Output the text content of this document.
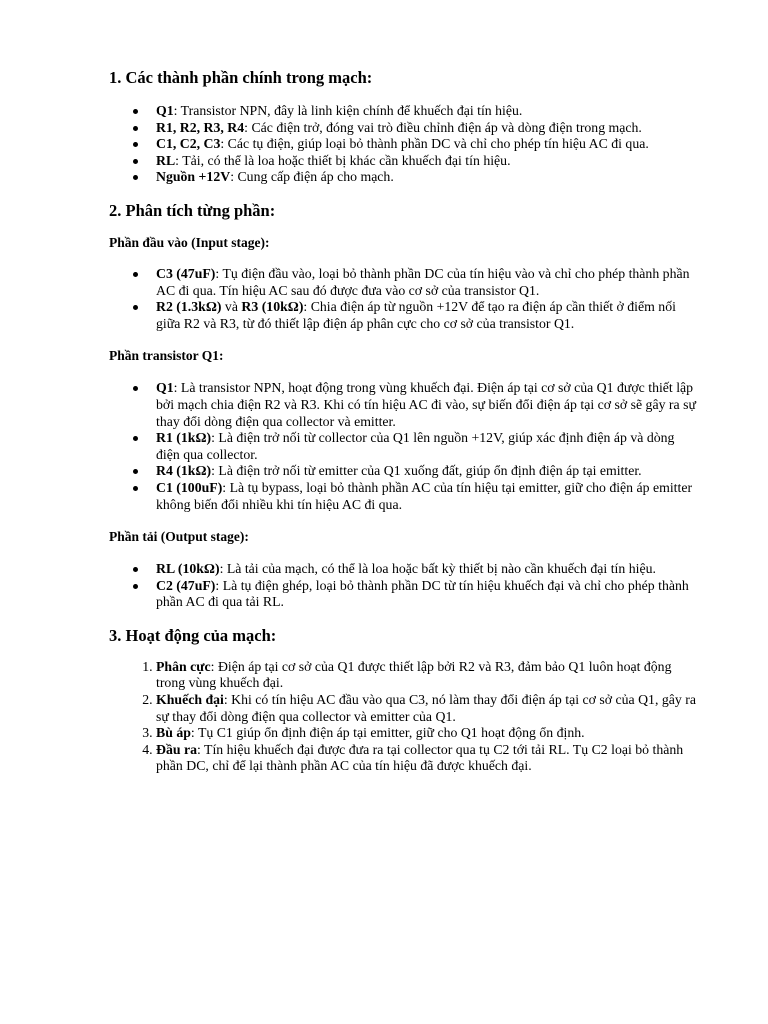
1. Các thành phần chính trong mạch:
Q1: Transistor NPN, đây là linh kiện chính để khuếch đại tín hiệu.
R1, R2, R3, R4: Các điện trở, đóng vai trò điều chỉnh điện áp và dòng điện trong mạch.
C1, C2, C3: Các tụ điện, giúp loại bỏ thành phần DC và chỉ cho phép tín hiệu AC đi qua.
RL: Tải, có thể là loa hoặc thiết bị khác cần khuếch đại tín hiệu.
Nguồn +12V: Cung cấp điện áp cho mạch.
2. Phân tích từng phần:
Phần đầu vào (Input stage):
C3 (47uF): Tụ điện đầu vào, loại bỏ thành phần DC của tín hiệu vào và chỉ cho phép thành phần AC đi qua. Tín hiệu AC sau đó được đưa vào cơ sở của transistor Q1.
R2 (1.3kΩ) và R3 (10kΩ): Chia điện áp từ nguồn +12V để tạo ra điện áp cần thiết ở điểm nối giữa R2 và R3, từ đó thiết lập điện áp phân cực cho cơ sở của transistor Q1.
Phần transistor Q1:
Q1: Là transistor NPN, hoạt động trong vùng khuếch đại. Điện áp tại cơ sở của Q1 được thiết lập bởi mạch chia điện R2 và R3. Khi có tín hiệu AC đi vào, sự biến đổi điện áp tại cơ sở sẽ gây ra sự thay đổi dòng điện qua collector và emitter.
R1 (1kΩ): Là điện trở nối từ collector của Q1 lên nguồn +12V, giúp xác định điện áp và dòng điện qua collector.
R4 (1kΩ): Là điện trở nối từ emitter của Q1 xuống đất, giúp ổn định điện áp tại emitter.
C1 (100uF): Là tụ bypass, loại bỏ thành phần AC của tín hiệu tại emitter, giữ cho điện áp emitter không biến đổi nhiều khi tín hiệu AC đi qua.
Phần tải (Output stage):
RL (10kΩ): Là tải của mạch, có thể là loa hoặc bất kỳ thiết bị nào cần khuếch đại tín hiệu.
C2 (47uF): Là tụ điện ghép, loại bỏ thành phần DC từ tín hiệu khuếch đại và chỉ cho phép thành phần AC đi qua tải RL.
3. Hoạt động của mạch:
1. Phân cực: Điện áp tại cơ sở của Q1 được thiết lập bởi R2 và R3, đảm bảo Q1 luôn hoạt động trong vùng khuếch đại.
2. Khuếch đại: Khi có tín hiệu AC đầu vào qua C3, nó làm thay đổi điện áp tại cơ sở của Q1, gây ra sự thay đổi dòng điện qua collector và emitter của Q1.
3. Bù áp: Tụ C1 giúp ổn định điện áp tại emitter, giữ cho Q1 hoạt động ổn định.
4. Đầu ra: Tín hiệu khuếch đại được đưa ra tại collector qua tụ C2 tới tải RL. Tụ C2 loại bỏ thành phần DC, chỉ để lại thành phần AC của tín hiệu đã được khuếch đại.
